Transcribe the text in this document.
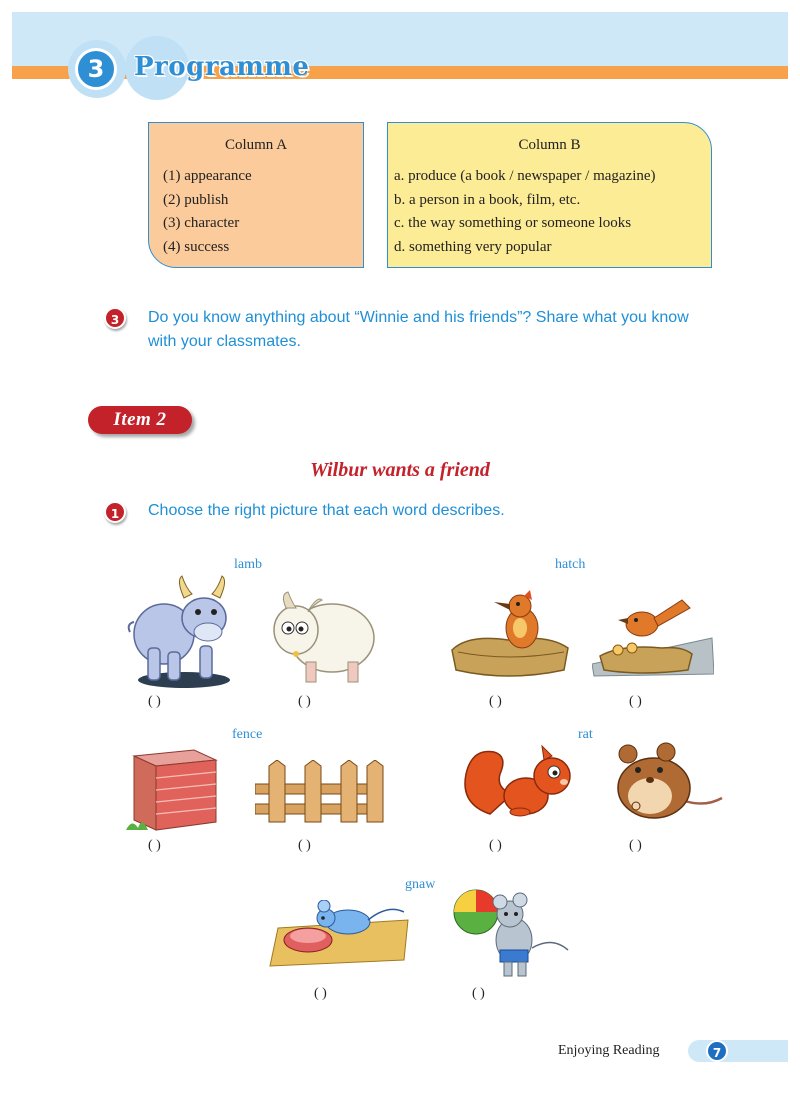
3	Programme
Column A
(1) appearance
(2) publish
(3) character
(4) success
Column B
a. produce (a book / newspaper / magazine)
b. a person in a book, film, etc.
c. the way something or someone looks
d. something very popular
3	Do you know anything about “Winnie and his friends”? Share what you know with your classmates.
Item 2
Wilbur wants a friend
1	Choose the right picture that each word describes.
lamb	hatch
fence	rat
gnaw
( )	( )	( )	( )
( )	( )	( )	( )
( )	( )
Enjoying Reading	7
